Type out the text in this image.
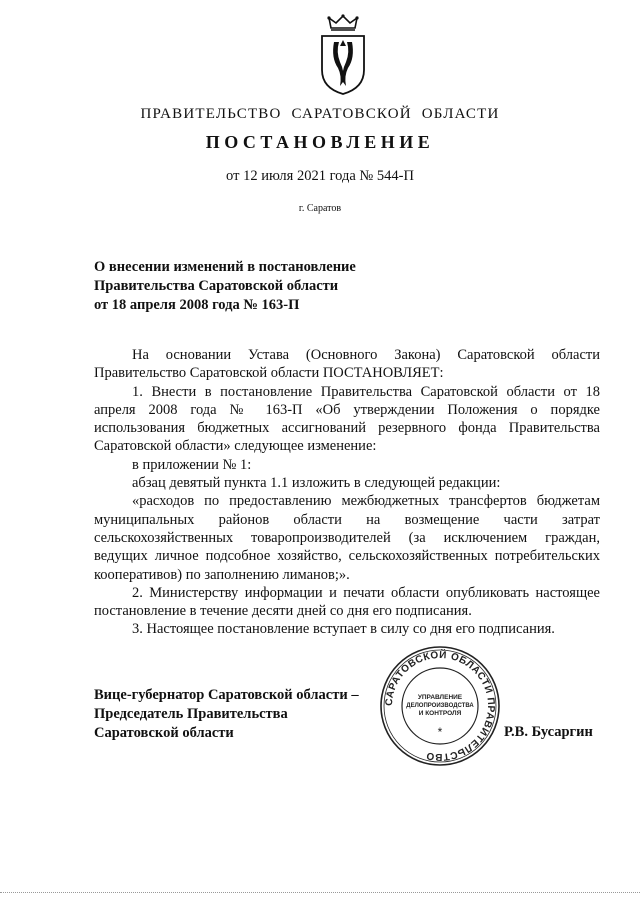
ПРАВИТЕЛЬСТВО САРАТОВСКОЙ ОБЛАСТИ
ПОСТАНОВЛЕНИЕ
от 12 июля 2021 года № 544-П
г. Саратов
О внесении изменений в постановление
Правительства Саратовской области
от 18 апреля 2008 года № 163-П

На основании Устава (Основного Закона) Саратовской области Правительство Саратовской области ПОСТАНОВЛЯЕТ:

1. Внести в постановление Правительства Саратовской области от 18 апреля 2008 года № 163-П «Об утверждении Положения о порядке использования бюджетных ассигнований резервного фонда Правительства Саратовской области» следующее изменение:

в приложении № 1:

абзац девятый пункта 1.1 изложить в следующей редакции:

«расходов по предоставлению межбюджетных трансфертов бюджетам муниципальных районов области на возмещение части затрат сельскохозяйственных товаропроизводителей (за исключением граждан, ведущих личное подсобное хозяйство, сельскохозяйственных потребительских кооперативов) по заполнению лиманов;».

2. Министерству информации и печати области опубликовать настоящее постановление в течение десяти дней со дня его подписания.

3. Настоящее постановление вступает в силу со дня его подписания.

Вице-губернатор Саратовской области –
Председатель Правительства
Саратовской области
САРАТОВСКОЙ ОБЛАСТИ ПРАВИТЕЛЬСТВО
УПРАВЛЕНИЕ
ДЕЛОПРОИЗВОДСТВА
И КОНТРОЛЯ
*	Р.В. Бусаргин
